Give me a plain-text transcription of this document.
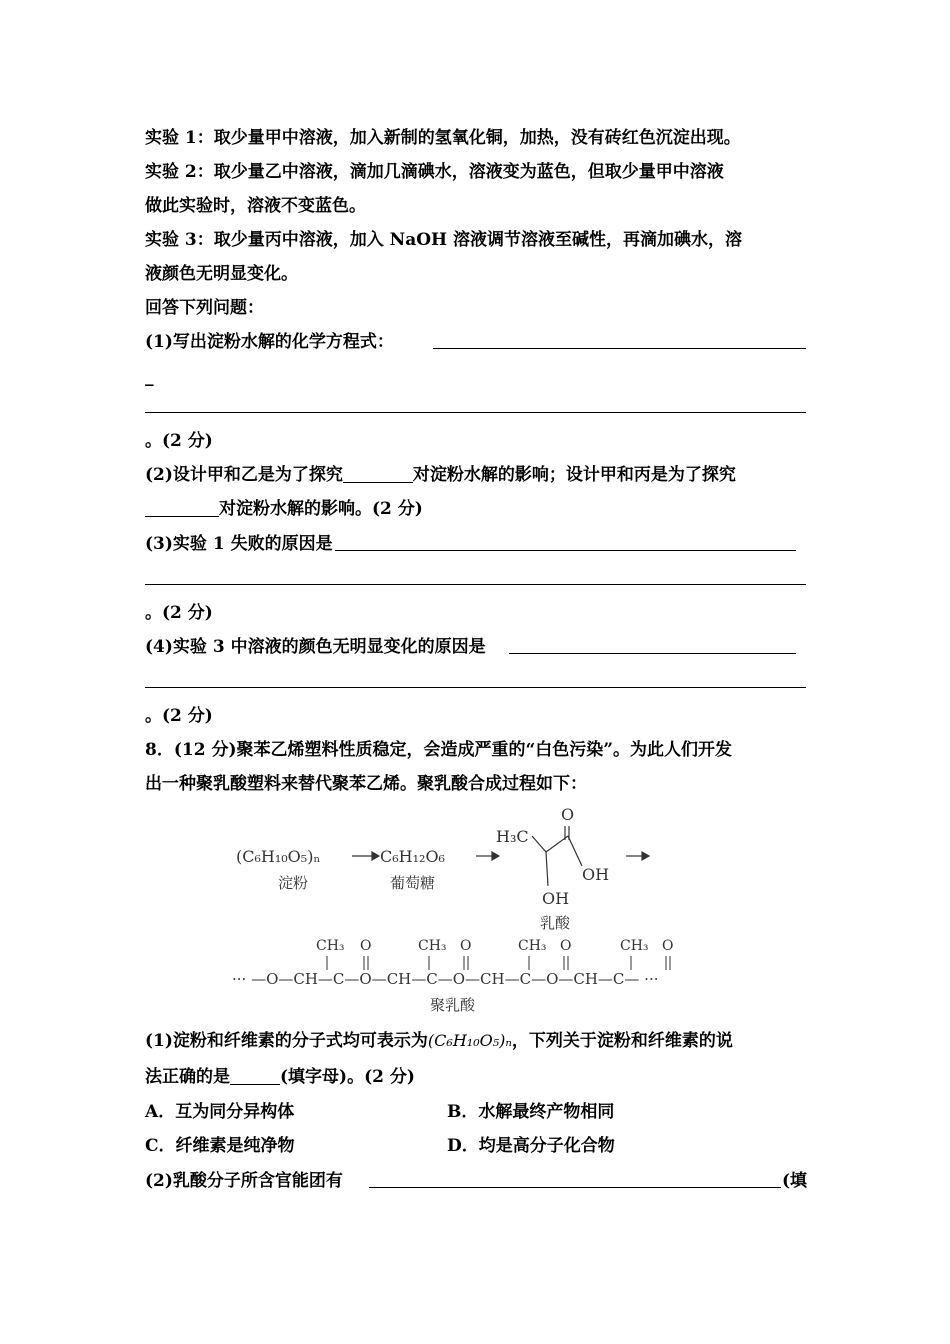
实验 1：取少量甲中溶液，加入新制的氢氧化铜，加热，没有砖红色沉淀出现。
实验 2：取少量乙中溶液，滴加几滴碘水，溶液变为蓝色，但取少量甲中溶液
做此实验时，溶液不变蓝色。
实验 3：取少量丙中溶液，加入 NaOH 溶液调节溶液至碱性，再滴加碘水，溶
液颜色无明显变化。
回答下列问题：
(1)写出淀粉水解的化学方程式：
_
。(2 分)
(2)设计甲和乙是为了探究	对淀粉水解的影响；设计甲和丙是为了探究
对淀粉水解的影响。(2 分)
(3)实验 1 失败的原因是
。(2 分)
(4)实验 3 中溶液的颜色无明显变化的原因是
。(2 分)
8．(12 分)聚苯乙烯塑料性质稳定，会造成严重的“白色污染”。为此人们开发
出一种聚乳酸塑料来替代聚苯乙烯。聚乳酸合成过程如下：
(C₆H₁₀O₅)ₙ
淀粉
C₆H₁₂O₆
葡萄糖
H₃C
O
OH
OH
乳酸
CH₃ O	CH₃ O	CH₃ O	CH₃ O
··· —O—CH—C—O—CH—C—O—CH—C—O—CH—C— ···
聚乳酸
(1)淀粉和纤维素的分子式均可表示为(C₆H₁₀O₅)ₙ，下列关于淀粉和纤维素的说
法正确的是	(填字母)。(2 分)
A．互为同分异构体	B．水解最终产物相同
C．纤维素是纯净物	D．均是高分子化合物
(2)乳酸分子所含官能团有	(填
